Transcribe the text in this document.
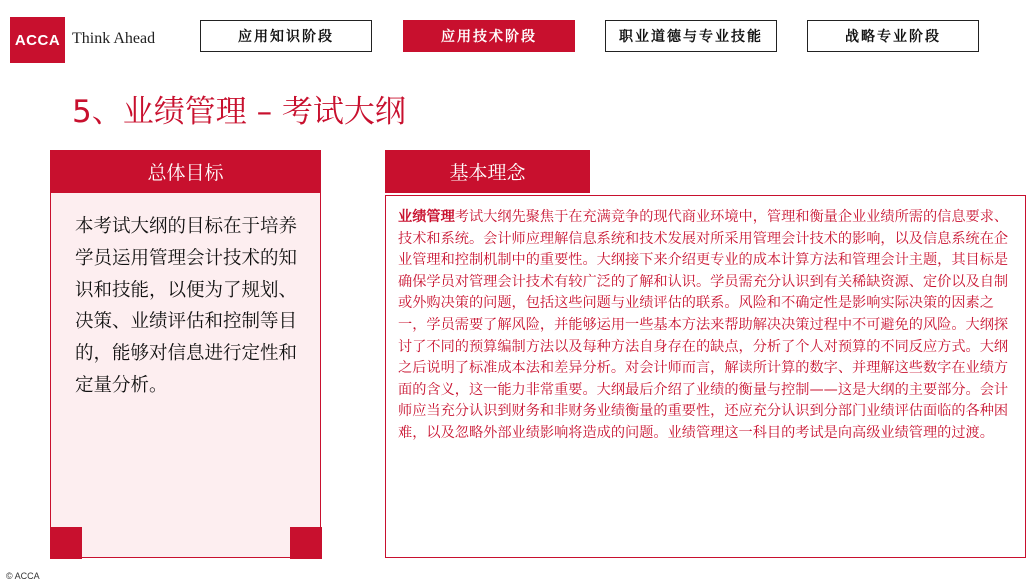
ACCA Think Ahead	应用知识阶段	应用技术阶段	职业道德与专业技能	战略专业阶段
5、业绩管理 – 考试大纲
本考试大纲的目标在于培养学员运用管理会计技术的知识和技能，以便为了规划、决策、业绩评估和控制等目的，能够对信息进行定性和定量分析。
总体目标	基本理念

业绩管理考试大纲先聚焦于在充满竞争的现代商业环境中，管理和衡量企业业绩所需的信息要求、技术和系统。会计师应理解信息系统和技术发展对所采用管理会计技术的影响，以及信息系统在企业管理和控制机制中的重要性。大纲接下来介绍更专业的成本计算方法和管理会计主题，其目标是确保学员对管理会计技术有较广泛的了解和认识。学员需充分认识到有关稀缺资源、定价以及自制或外购决策的问题，包括这些问题与业绩评估的联系。风险和不确定性是影响实际决策的因素之一，学员需要了解风险，并能够运用一些基本方法来帮助解决决策过程中不可避免的风险。大纲探讨了不同的预算编制方法以及每种方法自身存在的缺点，分析了个人对预算的不同反应方式。大纲之后说明了标准成本法和差异分析。对会计师而言，解读所计算的数字、并理解这些数字在业绩方面的含义，这一能力非常重要。大纲最后介绍了业绩的衡量与控制——这是大纲的主要部分。会计师应当充分认识到财务和非财务业绩衡量的重要性，还应充分认识到分部门业绩评估面临的各种困难，以及忽略外部业绩影响将造成的问题。业绩管理这一科目的考试是向高级业绩管理的过渡。

© ACCA
